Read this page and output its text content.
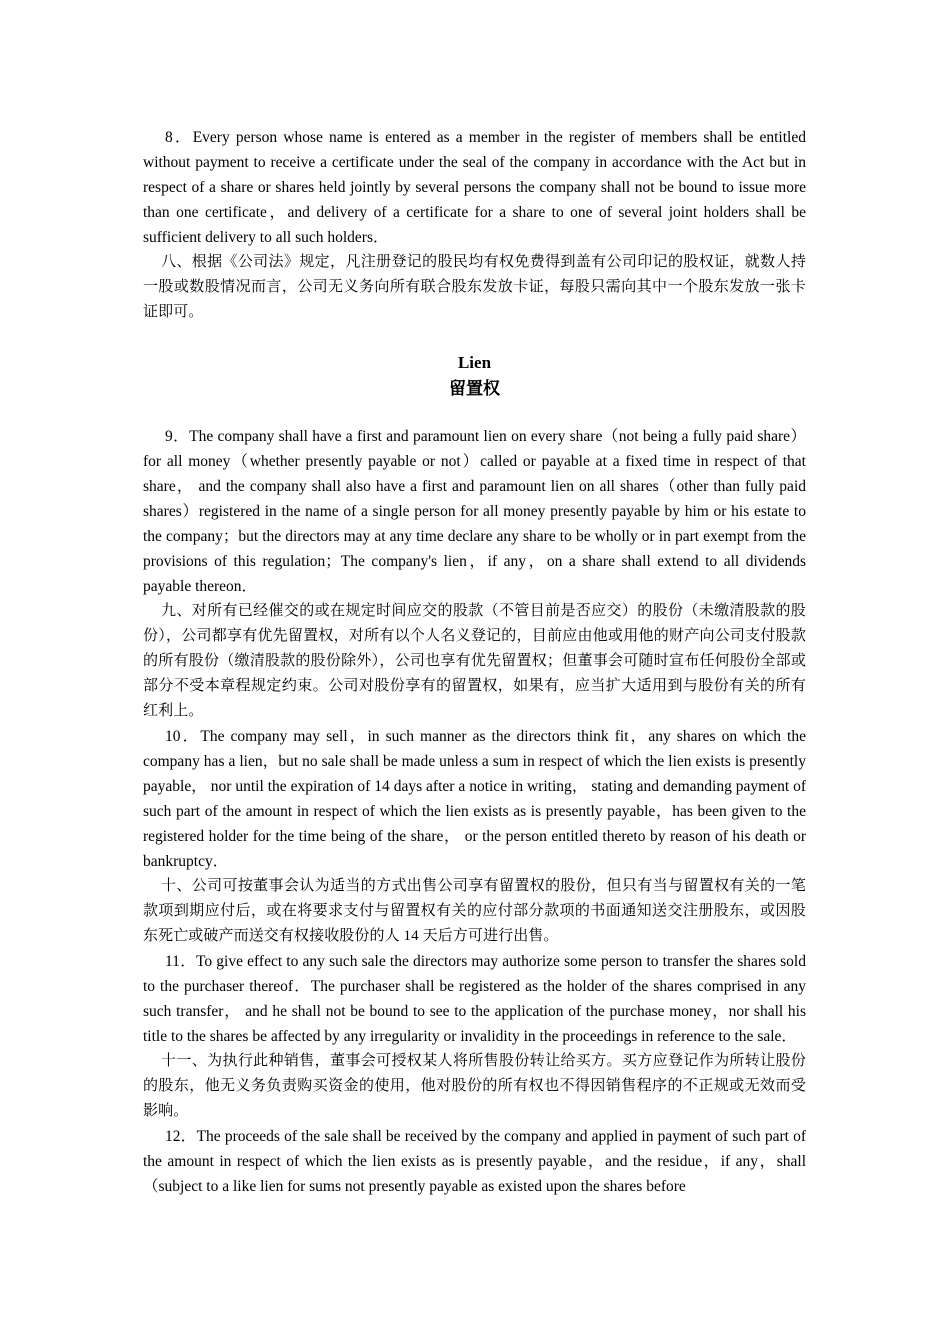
8．Every person whose name is entered as a member in the register of members shall be entitled without payment to receive a certificate under the seal of the company in accordance with the Act but in respect of a share or shares held jointly by several persons the company shall not be bound to issue more than one certificate，and delivery of a certificate for a share to one of several joint holders shall be sufficient delivery to all such holders．

八、根据《公司法》规定，凡注册登记的股民均有权免费得到盖有公司印记的股权证，就数人持一股或数股情况而言，公司无义务向所有联合股东发放卡证，每股只需向其中一个股东发放一张卡证即可。

Lien

留置权

9．The company shall have a first and paramount lien on every share（not being a fully paid share）for all money（whether presently payable or not）called or payable at a fixed time in respect of that share， and the company shall also have a first and paramount lien on all shares（other than fully paid shares）registered in the name of a single person for all money presently payable by him or his estate to the company；but the directors may at any time declare any share to be wholly or in part exempt from the provisions of this regulation；The company's lien，if any，on a share shall extend to all dividends payable thereon．

九、对所有已经催交的或在规定时间应交的股款（不管目前是否应交）的股份（未缴清股款的股份），公司都享有优先留置权，对所有以个人名义登记的，目前应由他或用他的财产向公司支付股款的所有股份（缴清股款的股份除外），公司也享有优先留置权；但董事会可随时宣布任何股份全部或部分不受本章程规定约束。公司对股份享有的留置权，如果有，应当扩大适用到与股份有关的所有红利上。

10．The company may sell，in such manner as the directors think fit，any shares on which the company has a lien，but no sale shall be made unless a sum in respect of which the lien exists is presently payable， nor until the expiration of 14 days after a notice in writing， stating and demanding payment of such part of the amount in respect of which the lien exists as is presently payable，has been given to the registered holder for the time being of the share， or the person entitled thereto by reason of his death or bankruptcy．

十、公司可按董事会认为适当的方式出售公司享有留置权的股份，但只有当与留置权有关的一笔款项到期应付后，或在将要求支付与留置权有关的应付部分款项的书面通知送交注册股东，或因股东死亡或破产而送交有权接收股份的人 14 天后方可进行出售。

11．To give effect to any such sale the directors may authorize some person to transfer the shares sold to the purchaser thereof．The purchaser shall be registered as the holder of the shares comprised in any such transfer， and he shall not be bound to see to the application of the purchase money，nor shall his title to the shares be affected by any irregularity or invalidity in the proceedings in reference to the sale．

十一、为执行此种销售，董事会可授权某人将所售股份转让给买方。买方应登记作为所转让股份的股东，他无义务负责购买资金的使用，他对股份的所有权也不得因销售程序的不正规或无效而受影响。

12．The proceeds of the sale shall be received by the company and applied in payment of such part of the amount in respect of which the lien exists as is presently payable，and the residue，if any，shall（subject to a like lien for sums not presently payable as existed upon the shares before
